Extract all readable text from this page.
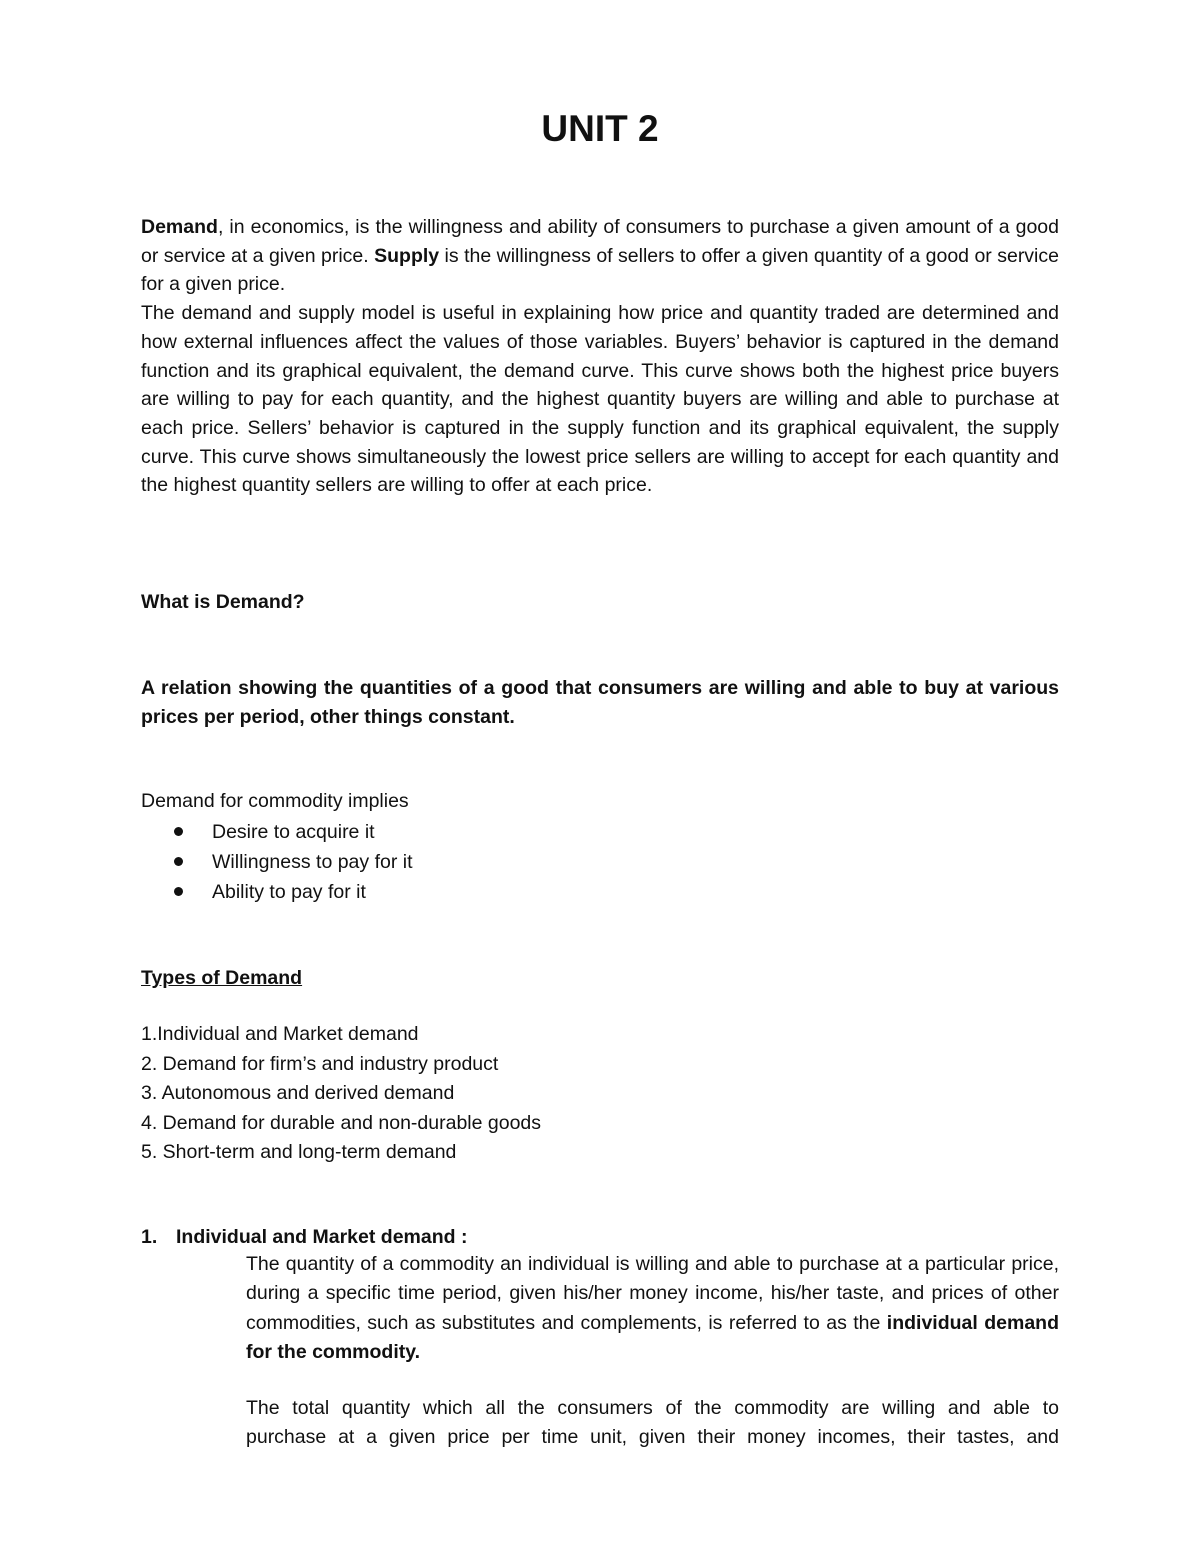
UNIT 2
Demand, in economics, is the willingness and ability of consumers to purchase a given amount of a good or service at a given price. Supply is the willingness of sellers to offer a given quantity of a good or service for a given price.
The demand and supply model is useful in explaining how price and quantity traded are determined and how external influences affect the values of those variables. Buyers’ behavior is captured in the demand function and its graphical equivalent, the demand curve. This curve shows both the highest price buyers are willing to pay for each quantity, and the highest quantity buyers are willing and able to purchase at each price. Sellers’ behavior is captured in the supply function and its graphical equivalent, the supply curve. This curve shows simultaneously the lowest price sellers are willing to accept for each quantity and the highest quantity sellers are willing to offer at each price.
What is Demand?
A relation showing the quantities of a good that consumers are willing and able to buy at various prices per period, other things constant.
Demand for commodity implies
Desire to acquire it
Willingness to pay for it
Ability to pay for it
Types of Demand
1.Individual and Market demand
2. Demand for firm’s and industry product
3. Autonomous and derived demand
4. Demand for durable and non-durable goods
5. Short-term and long-term demand
1. Individual and Market demand :
The quantity of a commodity an individual is willing and able to purchase at a particular price, during a specific time period, given his/her money income, his/her taste, and prices of other commodities, such as substitutes and complements, is referred to as the individual demand for the commodity.
The total quantity which all the consumers of the commodity are willing and able to
purchase at a given price per time unit, given their money incomes, their tastes, and
